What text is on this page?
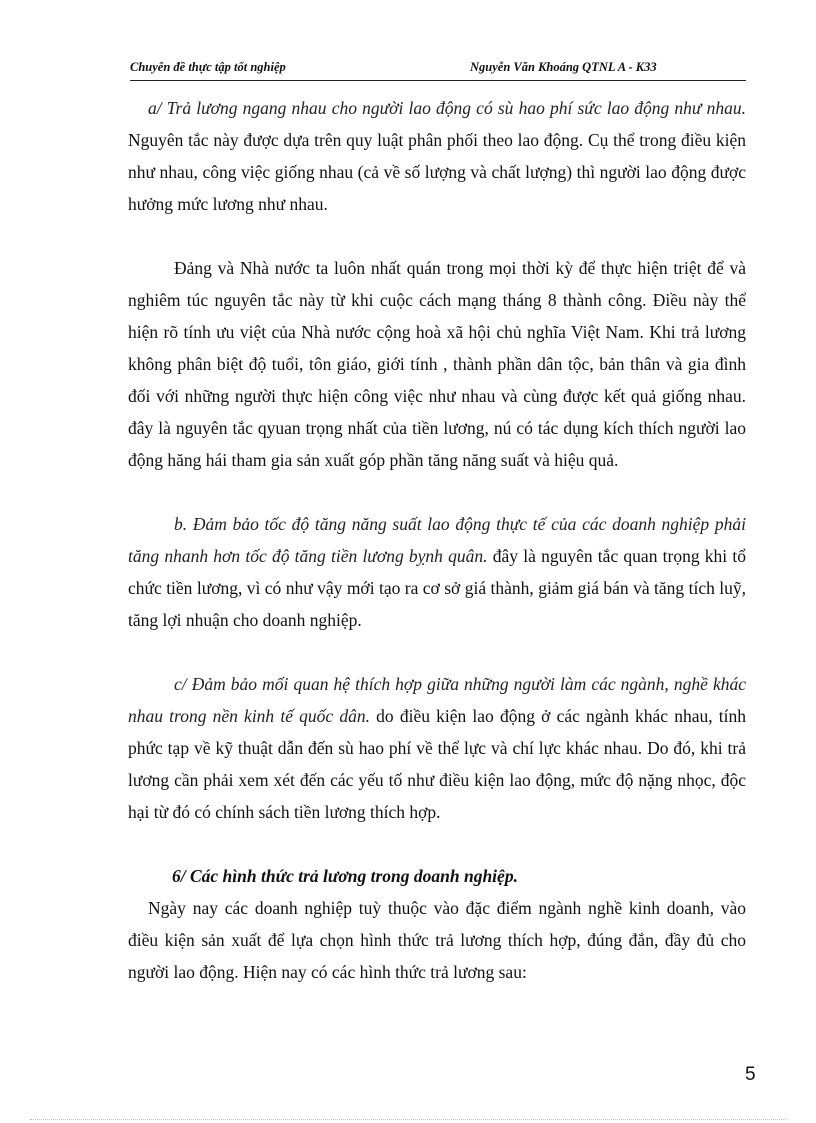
Chuyên đề thực tập tốt nghiệp	Nguyễn Văn Khoáng QTNL A - K33

a/ Trả lương ngang nhau cho người lao động có sù hao phí sức lao động như nhau. Nguyên tắc này được dựa trên quy luật phân phối theo lao động. Cụ thể trong điều kiện như nhau, công việc giống nhau (cả về số lượng và chất lượng) thì người lao động được hưởng mức lương như nhau.

Đảng và Nhà nước ta luôn nhất quán trong mọi thời kỳ để thực hiện triệt để và nghiêm túc nguyên tắc này từ khi cuộc cách mạng tháng 8 thành công. Điều này thể hiện rõ tính ưu việt của Nhà nước cộng hoà xã hội chủ nghĩa Việt Nam. Khi trả lương không phân biệt độ tuổi, tôn giáo, giới tính , thành phần dân tộc, bản thân và gia đình đối với những người thực hiện công việc như nhau và cùng được kết quả giống nhau. đây là nguyên tắc qyuan trọng nhất của tiền lương, nú có tác dụng kích thích người lao động hăng hái tham gia sản xuất góp phần tăng năng suất và hiệu quả.

b. Đảm bảo tốc độ tăng năng suất lao động thực tế của các doanh nghiệp phải tăng nhanh hơn tốc độ tăng tiền lương bỵnh quân. đây là nguyên tắc quan trọng khi tổ chức tiền lương, vì có như vậy mới tạo ra cơ sở giá thành, giảm giá bán và tăng tích luỹ, tăng lợi nhuận cho doanh nghiệp.

c/ Đảm bảo mối quan hệ thích hợp giữa những người làm các ngành, nghề khác nhau trong nền kinh tế quốc dân. do điều kiện lao động ở các ngành khác nhau, tính phức tạp về kỹ thuật dẫn đến sù hao phí về thể lực và chí lực khác nhau. Do đó, khi trả lương cần phải xem xét đến các yếu tố như điều kiện lao động, mức độ nặng nhọc, độc hại từ đó có chính sách tiền lương thích hợp.

6/ Các hình thức trả lương trong doanh nghiệp.

Ngày nay các doanh nghiệp tuỳ thuộc vào đặc điểm ngành nghề kinh doanh, vào điều kiện sản xuất để lựa chọn hình thức trả lương thích hợp, đúng đắn, đầy đủ cho người lao động. Hiện nay có các hình thức trả lương sau:

5
